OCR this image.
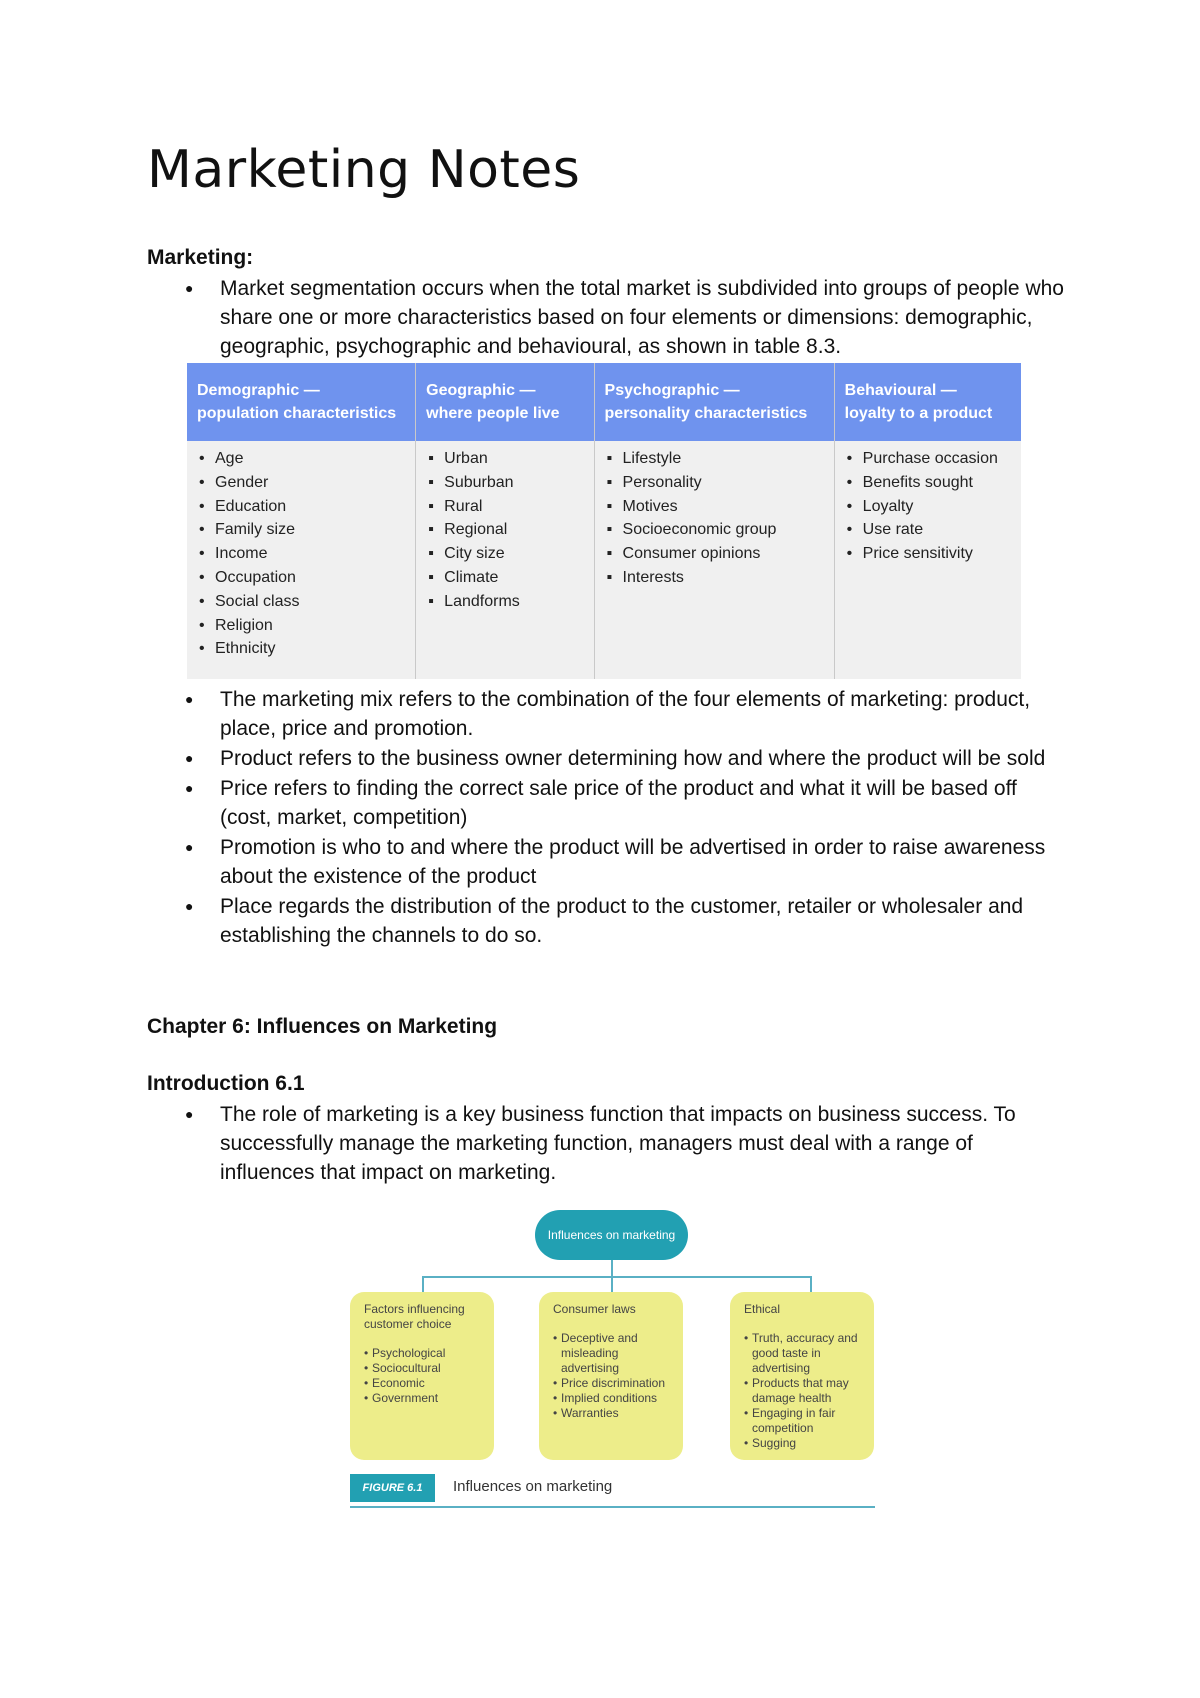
Marketing Notes

Marketing:

● Market segmentation occurs when the total market is subdivided into groups of people who share one or more characteristics based on four elements or dimensions: demographic, geographic, psychographic and behavioural, as shown in table 8.3.
Demographic — population characteristics
• Age
• Gender
• Education
• Family size
• Income
• Occupation
• Social class
• Religion
• Ethnicity
Geographic — where people live
▪ Urban
▪ Suburban
▪ Rural
▪ Regional
▪ City size
▪ Climate
▪ Landforms
Psychographic — personality characteristics
▪ Lifestyle
▪ Personality
▪ Motives
▪ Socioeconomic group
▪ Consumer opinions
▪ Interests
Behavioural — loyalty to a product
• Purchase occasion
• Benefits sought
• Loyalty
• Use rate
• Price sensitivity
● The marketing mix refers to the combination of the four elements of marketing: product, place, price and promotion.
● Product refers to the business owner determining how and where the product will be sold
● Price refers to finding the correct sale price of the product and what it will be based off (cost, market, competition)
● Promotion is who to and where the product will be advertised in order to raise awareness about the existence of the product
● Place regards the distribution of the product to the customer, retailer or wholesaler and establishing the channels to do so.

Chapter 6: Influences on Marketing

Introduction 6.1

● The role of marketing is a key business function that impacts on business success. To successfully manage the marketing function, managers must deal with a range of influences that impact on marketing.
Influences on marketing
Factors influencing customer choice
• Psychological
• Sociocultural
• Economic
• Government
Consumer laws
• Deceptive and misleading advertising
• Price discrimination
• Implied conditions
• Warranties
Ethical
• Truth, accuracy and good taste in advertising
• Products that may damage health
• Engaging in fair competition
• Sugging
FIGURE 6.1	Influences on marketing
